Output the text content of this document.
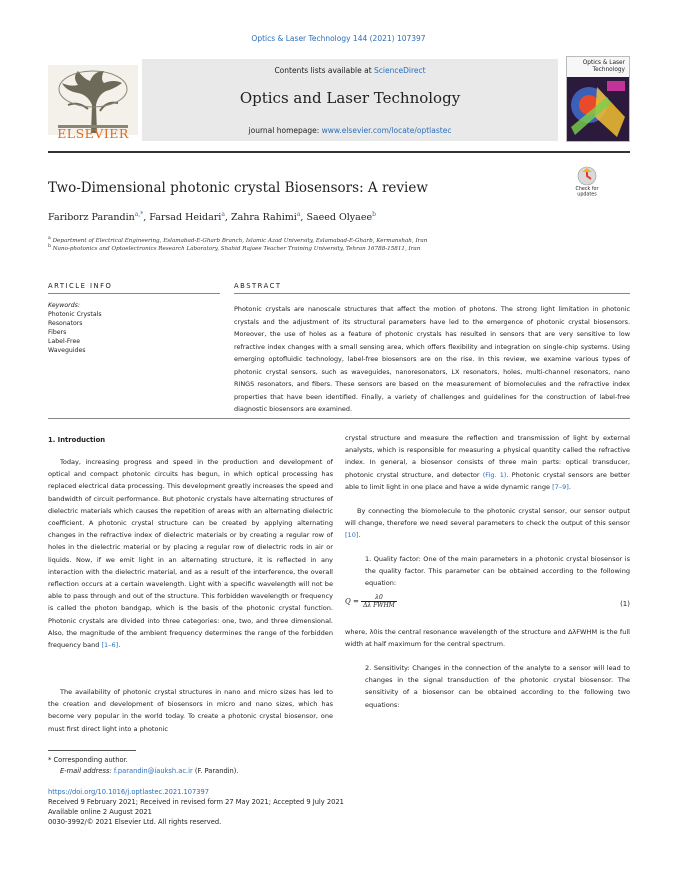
Optics & Laser Technology 144 (2021) 107397
ELSEVIER
Contents lists available at ScienceDirect
Optics and Laser Technology
journal homepage: www.elsevier.com/locate/optlastec
Optics & Laser
Technology
Two-Dimensional photonic crystal Biosensors: A review	Check for
updates
Fariborz Parandin$^{a,*}$, Farsad Heidari$^a$, Zahra Rahimi$^a$, Saeed Olyaee$^b$
$^a$ Department of Electrical Engineering, Eslamabad-E-Gharb Branch, Islamic Azad University, Eslamabad-E-Gharb, Kermanshah, Iran
$^b$ Nano-photonics and Optoelectronics Research Laboratory, Shahid Rajaee Teacher Training University, Tehran 16788-15811, Iran
ARTICLE INFO	ABSTRACT
Keywords:
Photonic Crystals
Resonators
Fibers
Label-Free
Waveguides
Photonic crystals are nanoscale structures that affect the motion of photons. The strong light limitation in photonic crystals and the adjustment of its structural parameters have led to the emergence of photonic crystal biosensors. Moreover, the use of holes as a feature of photonic crystals has resulted in sensors that are very sensitive to low refractive index changes with a small sensing area, which offers flexibility and integration on single-chip systems. Using emerging optofluidic technology, label-free biosensors are on the rise. In this review, we examine various types of photonic crystal sensors, such as waveguides, nanoresonators, LX resonators, holes, multi-channel resonators, nano RINGS resonators, and fibers. These sensors are based on the measurement of biomolecules and the refractive index properties that have been identified. Finally, a variety of challenges and guidelines for the construction of label-free diagnostic biosensors are examined.
1. Introduction
Today, increasing progress and speed in the production and development of optical and compact photonic circuits has begun, in which optical processing has replaced electrical data processing. This development greatly increases the speed and bandwidth of circuit performance. But photonic crystals have alternating structures of dielectric materials which causes the repetition of areas with an alternating dielectric coefficient. A photonic crystal structure can be created by applying alternating changes in the refractive index of dielectric materials or by creating a regular row of holes in the dielectric material or by placing a regular row of dielectric rods in air or liquids. Now, if we emit light in an alternating structure, it is reflected in any interaction with the dielectric material, and as a result of the interference, the overall reflection occurs at a certain wavelength. Light with a specific wavelength will not be able to pass through and out of the structure. This forbidden wavelength or frequency is called the photon bandgap, which is the basis of the photonic crystal function. Photonic crystals are divided into three categories: one, two, and three dimensional. Also, the magnitude of the ambient frequency determines the range of the forbidden frequency band [1–6].
The availability of photonic crystal structures in nano and micro sizes has led to the creation and development of biosensors in micro and nano sizes, which has become very popular in the world today. To create a photonic crystal biosensor, one must first direct light into a photonic
crystal structure and measure the reflection and transmission of light by external analysts, which is responsible for measuring a physical quantity called the refractive index. In general, a biosensor consists of three main parts: optical transducer, photonic crystal structure, and detector (Fig. 1). Photonic crystal sensors are better able to limit light in one place and have a wide dynamic range [7–9].
By connecting the biomolecule to the photonic crystal sensor, our sensor output will change, therefore we need several parameters to check the output of this sensor [10].
1. Quality factor: One of the main parameters in a photonic crystal biosensor is the quality factor. This parameter can be obtained according to the following equation:
$Q = \frac{\lambda 0}{\text{Δλ FWHM}}$	(1)
where, λ0is the central resonance wavelength of the structure and ΔλFWHM is the full width at half maximum for the central spectrum.
2. Sensitivity: Changes in the connection of the analyte to a sensor will lead to changes in the signal transduction of the photonic crystal biosensor. The sensitivity of a biosensor can be obtained according to the following two equations:
* Corresponding author.
E-mail address: f.parandin@iauksh.ac.ir (F. Parandin).
https://doi.org/10.1016/j.optlastec.2021.107397
Received 9 February 2021; Received in revised form 27 May 2021; Accepted 9 July 2021
Available online 2 August 2021
0030-3992/© 2021 Elsevier Ltd. All rights reserved.
